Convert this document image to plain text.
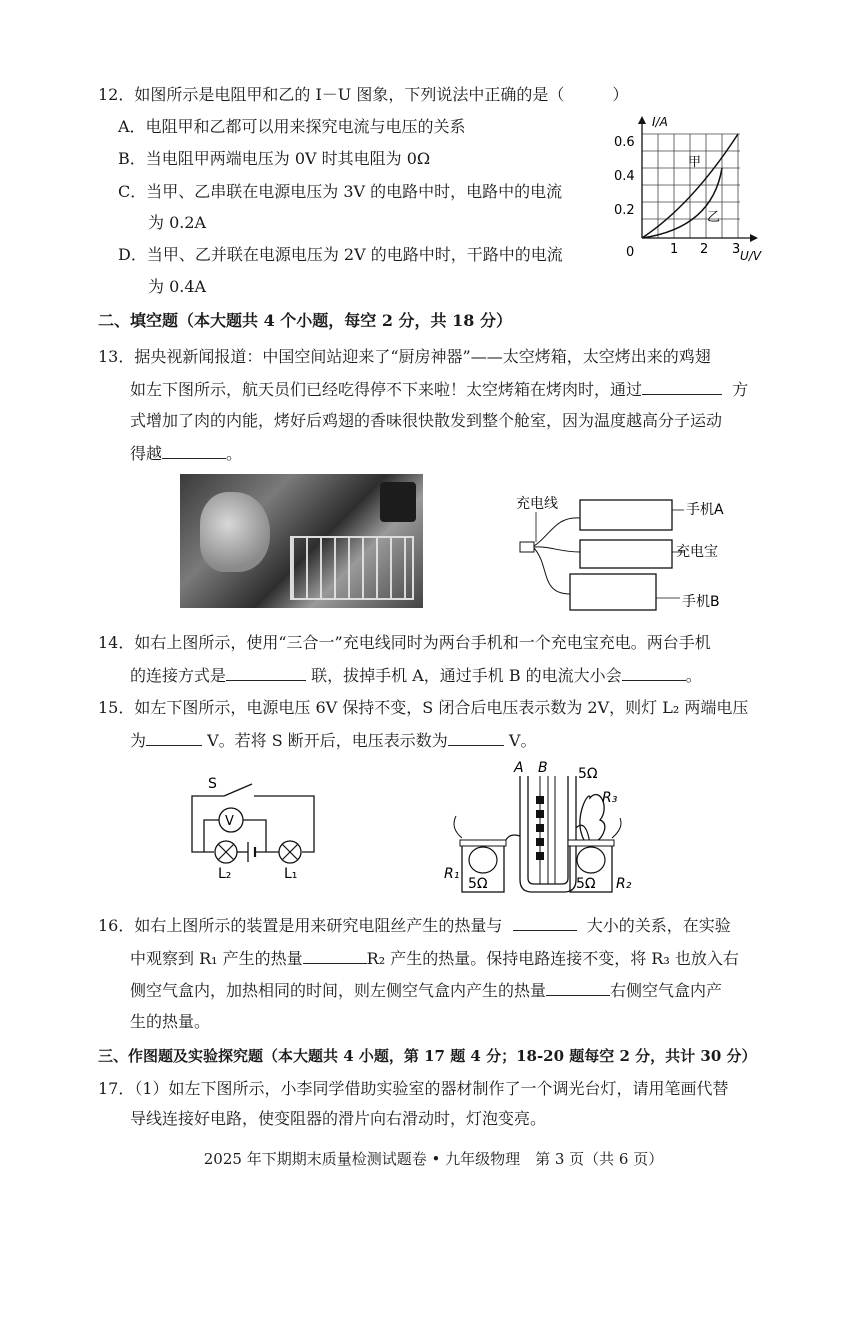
12．如图所示是电阻甲和乙的 I－U 图象，下列说法中正确的是（　　　）
A．电阻甲和乙都可以用来探究电流与电压的关系
B．当电阻甲两端电压为 0V 时其电阻为 0Ω
C．当甲、乙串联在电源电压为 3V 的电路中时，电路中的电流
为 0.2A
D．当甲、乙并联在电源电压为 2V 的电路中时，干路中的电流
为 0.4A
I/A
0.6
0.4
0.2
0	1 2 3 U/V
甲
乙
二、填空题（本大题共 4 个小题，每空 2 分，共 18 分）
13．据央视新闻报道：中国空间站迎来了“厨房神器”——太空烤箱，太空烤出来的鸡翅
如左下图所示，航天员们已经吃得停不下来啦！太空烤箱在烤肉时，通过	方
式增加了肉的内能，烤好后鸡翅的香味很快散发到整个舱室，因为温度越高分子运动
得越	。
充电线	手机A
充电宝
手机B
14．如右上图所示，使用“三合一”充电线同时为两台手机和一个充电宝充电。两台手机
的连接方式是	联，拔掉手机 A，通过手机 B 的电流大小会	。
15．如左下图所示，电源电压 6V 保持不变，S 闭合后电压表示数为 2V，则灯 L₂ 两端电压
为	V。若将 S 断开后，电压表示数为	V。
V
S
L₂	L₁
A B 5Ω
R₃
R₁
5Ω	5Ω R₂
16．如右上图所示的装置是用来研究电阻丝产生的热量与	大小的关系，在实验
中观察到 R₁ 产生的热量	R₂ 产生的热量。保持电路连接不变，将 R₃ 也放入右
侧空气盒内，加热相同的时间，则左侧空气盒内产生的热量	右侧空气盒内产
生的热量。
三、作图题及实验探究题（本大题共 4 小题，第 17 题 4 分；18-20 题每空 2 分，共计 30 分）
17．（1）如左下图所示，小李同学借助实验室的器材制作了一个调光台灯，请用笔画代替
导线连接好电路，使变阻器的滑片向右滑动时，灯泡变亮。
2025 年下期期末质量检测试题卷 • 九年级物理　第 3 页（共 6 页）
